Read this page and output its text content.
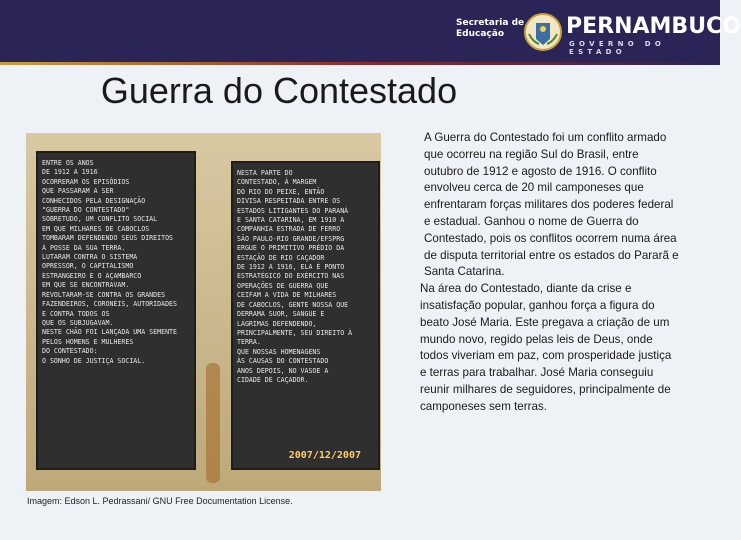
Secretaria de
Educação	PERNAMBUCO
GOVERNO DO ESTADO
Guerra do Contestado
ENTRE OS ANOS
DE 1912 A 1916
OCORRERAM OS EPISÓDIOS
QUE PASSARAM A SER
CONHECIDOS PELA DESIGNAÇÃO
"GUERRA DO CONTESTADO"
SOBRETUDO, UM CONFLITO SOCIAL
EM QUE MILHARES DE CABOCLOS
TOMBARAM DEFENDENDO SEUS DIREITOS
À POSSE DA SUA TERRA.
LUTARAM CONTRA O SISTEMA
OPRESSOR, O CAPITALISMO
ESTRANGEIRO E O AÇAMBARCO
EM QUE SE ENCONTRAVAM.
REVOLTARAM-SE CONTRA OS GRANDES
FAZENDEIROS, CORONÉIS, AUTORIDADES
E CONTRA TODOS OS
QUE OS SUBJUGAVAM.
NESTE CHÃO FOI LANÇADA UMA SEMENTE
PELOS HOMENS E MULHERES
DO CONTESTADO:
O SONHO DE JUSTIÇA SOCIAL.
NESTA PARTE DO
CONTESTADO, À MARGEM
DO RIO DO PEIXE, ENTÃO
DIVISA RESPEITADA ENTRE OS
ESTADOS LITIGANTES DO PARANÁ
E SANTA CATARINA, EM 1910 A
COMPANHIA ESTRADA DE FERRO
SÃO PAULO-RIO GRANDE/EFSPRG
ERGUE O PRIMITIVO PRÉDIO DA
ESTAÇÃO DE RIO CAÇADOR
DE 1912 A 1916, ELA É PONTO
ESTRATÉGICO DO EXÉRCITO NAS
OPERAÇÕES DE GUERRA QUE
CEIFAM A VIDA DE MILHARES
DE CABOCLOS, GENTE NOSSA QUE
DERRAMA SUOR, SANGUE E
LÁGRIMAS DEFENDENDO,
PRINCIPALMENTE, SEU DIREITO À TERRA.
QUE NOSSAS HOMENAGENS
ÀS CAUSAS DO CONTESTADO
ANOS DEPOIS, NO VASOE A
CIDADE DE CAÇADOR.
2007/12/2007
Imagem: Edson L. Pedrassani/ GNU Free Documentation License.

A Guerra do Contestado foi um conflito armado que ocorreu na região Sul do Brasil, entre outubro de 1912 e agosto de 1916. O conflito envolveu cerca de 20 mil camponeses que enfrentaram forças militares dos poderes federal e estadual. Ganhou o nome de Guerra do Contestado, pois os conflitos ocorrem numa área de disputa territorial entre os estados do Pararã e Santa Catarina.

Na área do Contestado, diante da crise e insatisfação popular, ganhou força a figura do beato José Maria. Este pregava a criação de um mundo novo, regido pelas leis de Deus, onde todos viveriam em paz, com prosperidade justiça e terras para trabalhar. José Maria conseguiu reunir milhares de seguidores, principalmente de camponeses sem terras.
